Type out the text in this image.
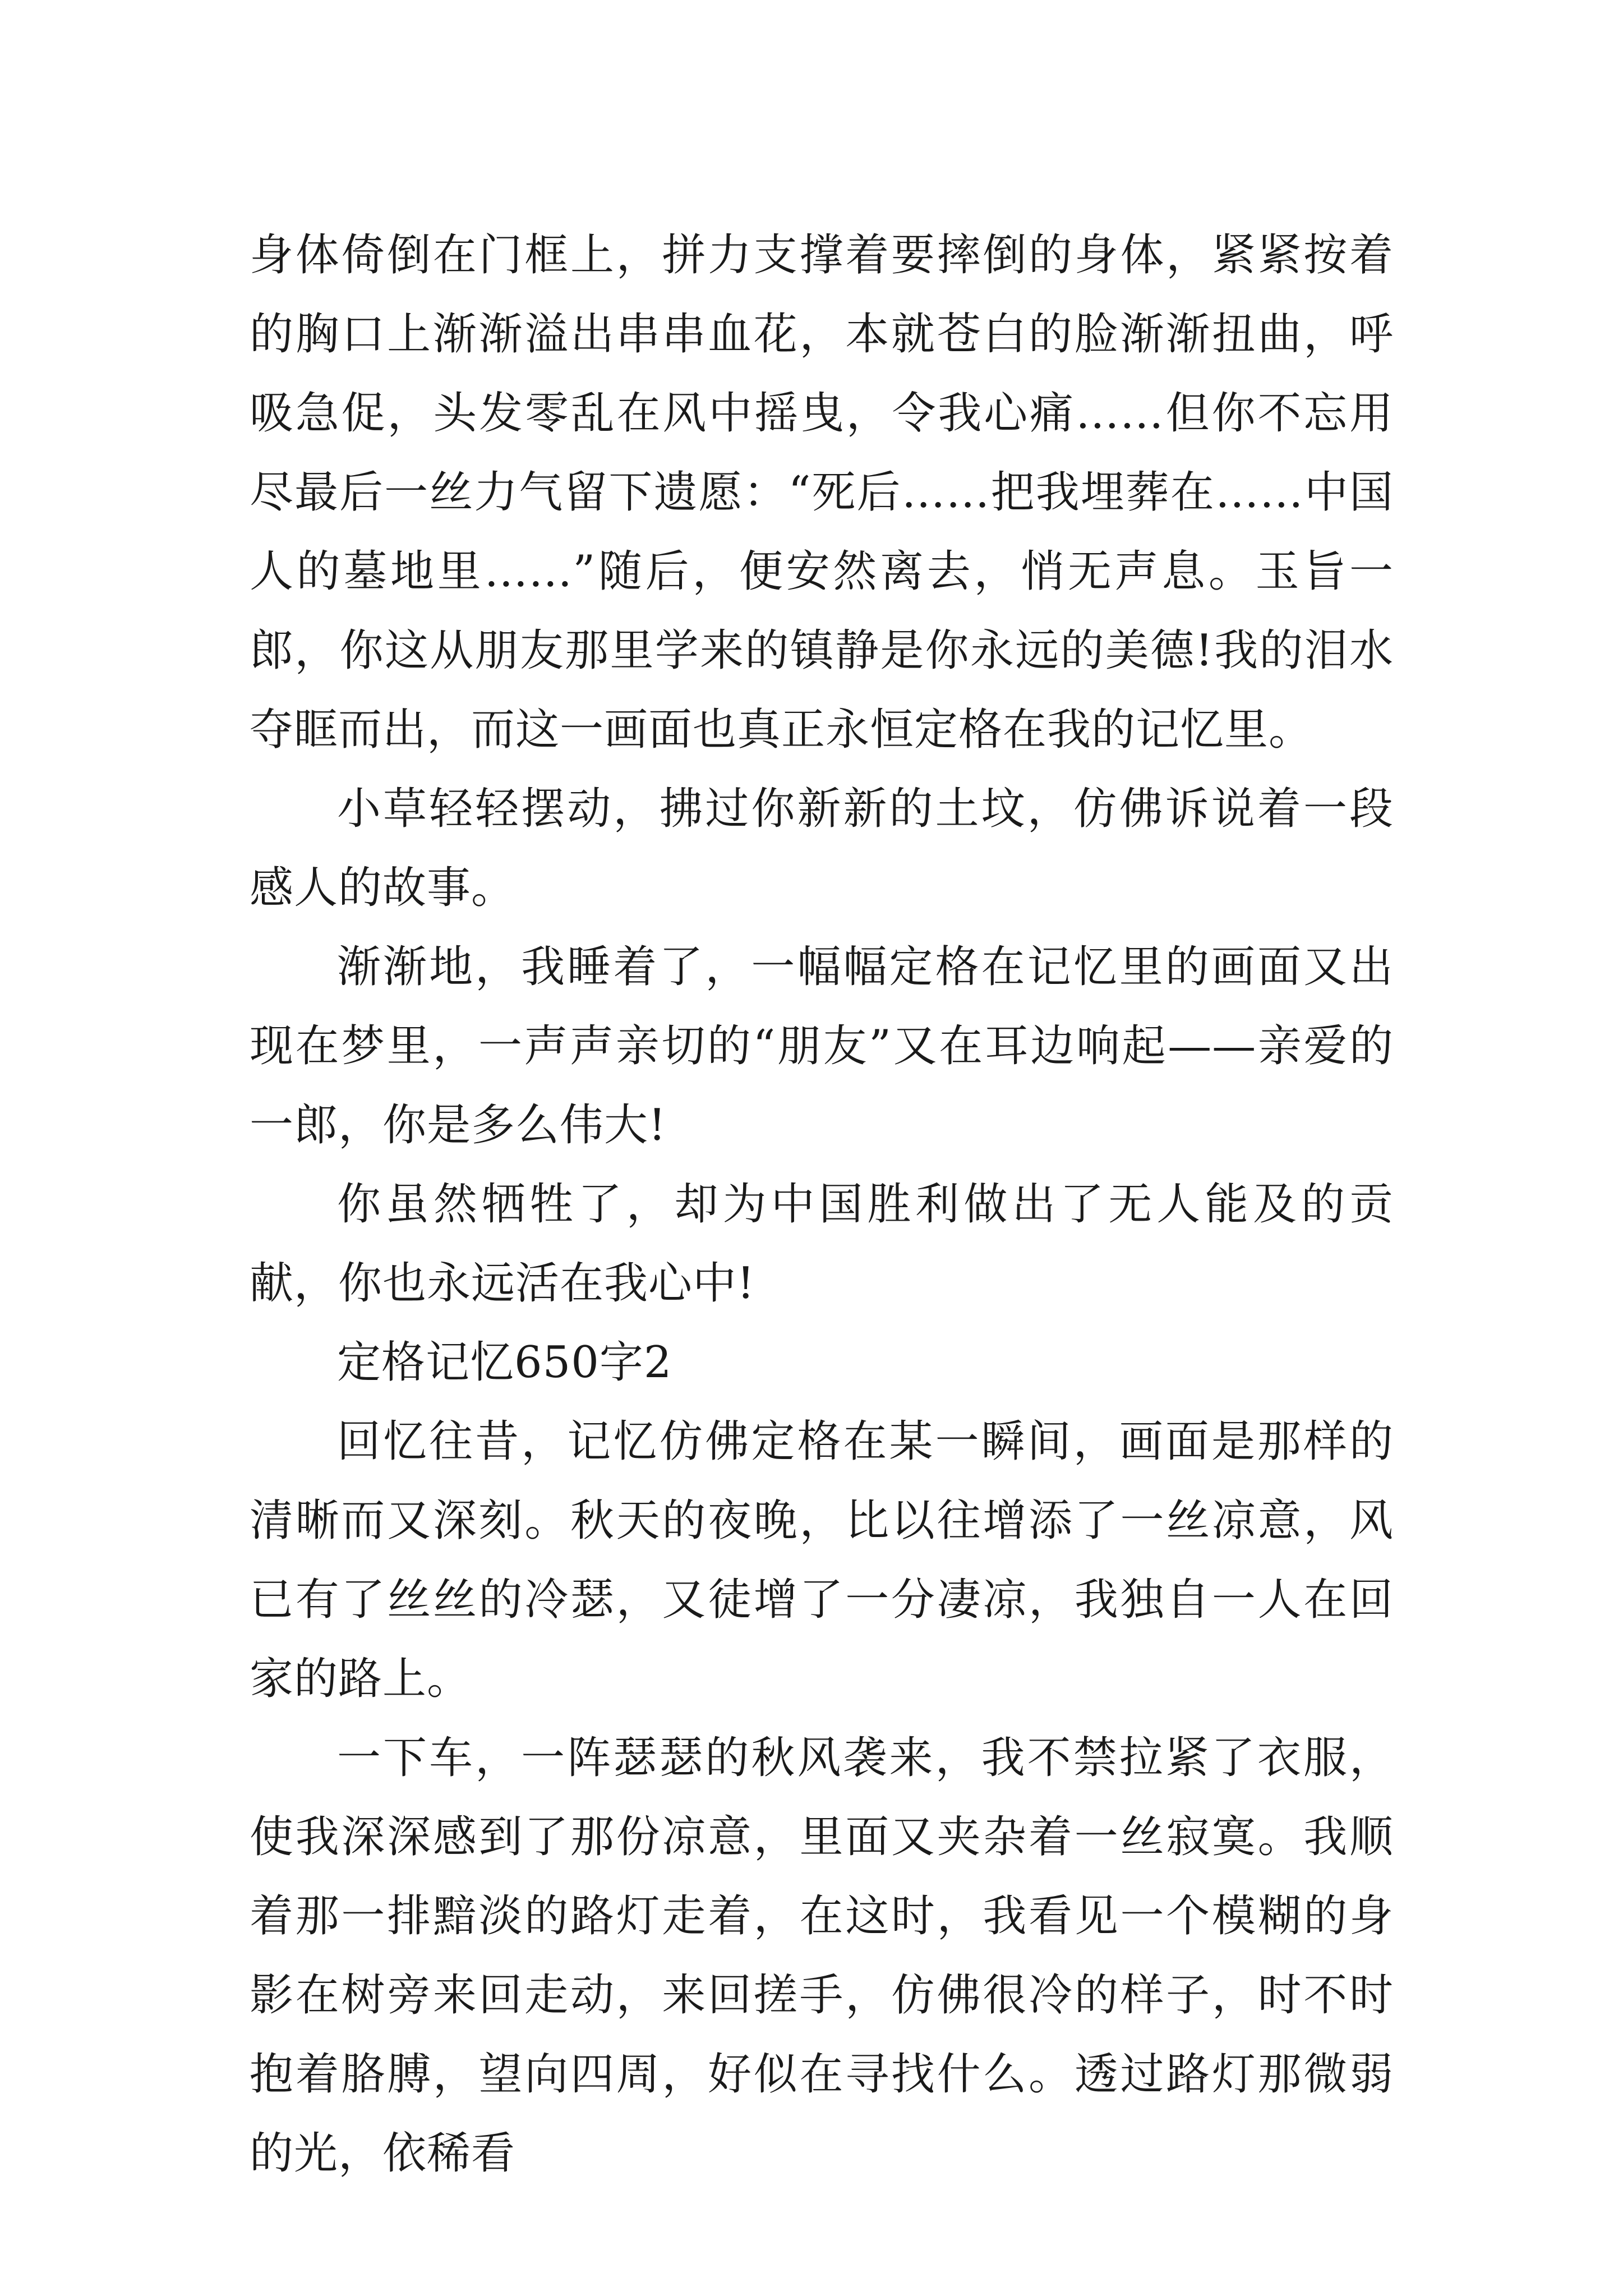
身体倚倒在门框上，拼力支撑着要摔倒的身体，紧紧按着的胸口上渐渐溢出串串血花，本就苍白的脸渐渐扭曲，呼吸急促，头发零乱在风中摇曳，令我心痛……但你不忘用尽最后一丝力气留下遗愿：“死后……把我埋葬在……中国人的墓地里……”随后，便安然离去，悄无声息。玉旨一郎，你这从朋友那里学来的镇静是你永远的美德!我的泪水夺眶而出，而这一画面也真正永恒定格在我的记忆里。

小草轻轻摆动，拂过你新新的土坟，仿佛诉说着一段感人的故事。

渐渐地，我睡着了，一幅幅定格在记忆里的画面又出现在梦里，一声声亲切的“朋友”又在耳边响起——亲爱的一郎，你是多么伟大!

你虽然牺牲了，却为中国胜利做出了无人能及的贡献，你也永远活在我心中!

定格记忆650字2

回忆往昔，记忆仿佛定格在某一瞬间，画面是那样的清晰而又深刻。秋天的夜晚，比以往增添了一丝凉意，风已有了丝丝的冷瑟，又徒增了一分凄凉，我独自一人在回家的路上。

一下车，一阵瑟瑟的秋风袭来，我不禁拉紧了衣服，使我深深感到了那份凉意，里面又夹杂着一丝寂寞。我顺着那一排黯淡的路灯走着，在这时，我看见一个模糊的身影在树旁来回走动，来回搓手，仿佛很冷的样子，时不时抱着胳膊，望向四周，好似在寻找什么。透过路灯那微弱的光，依稀看
